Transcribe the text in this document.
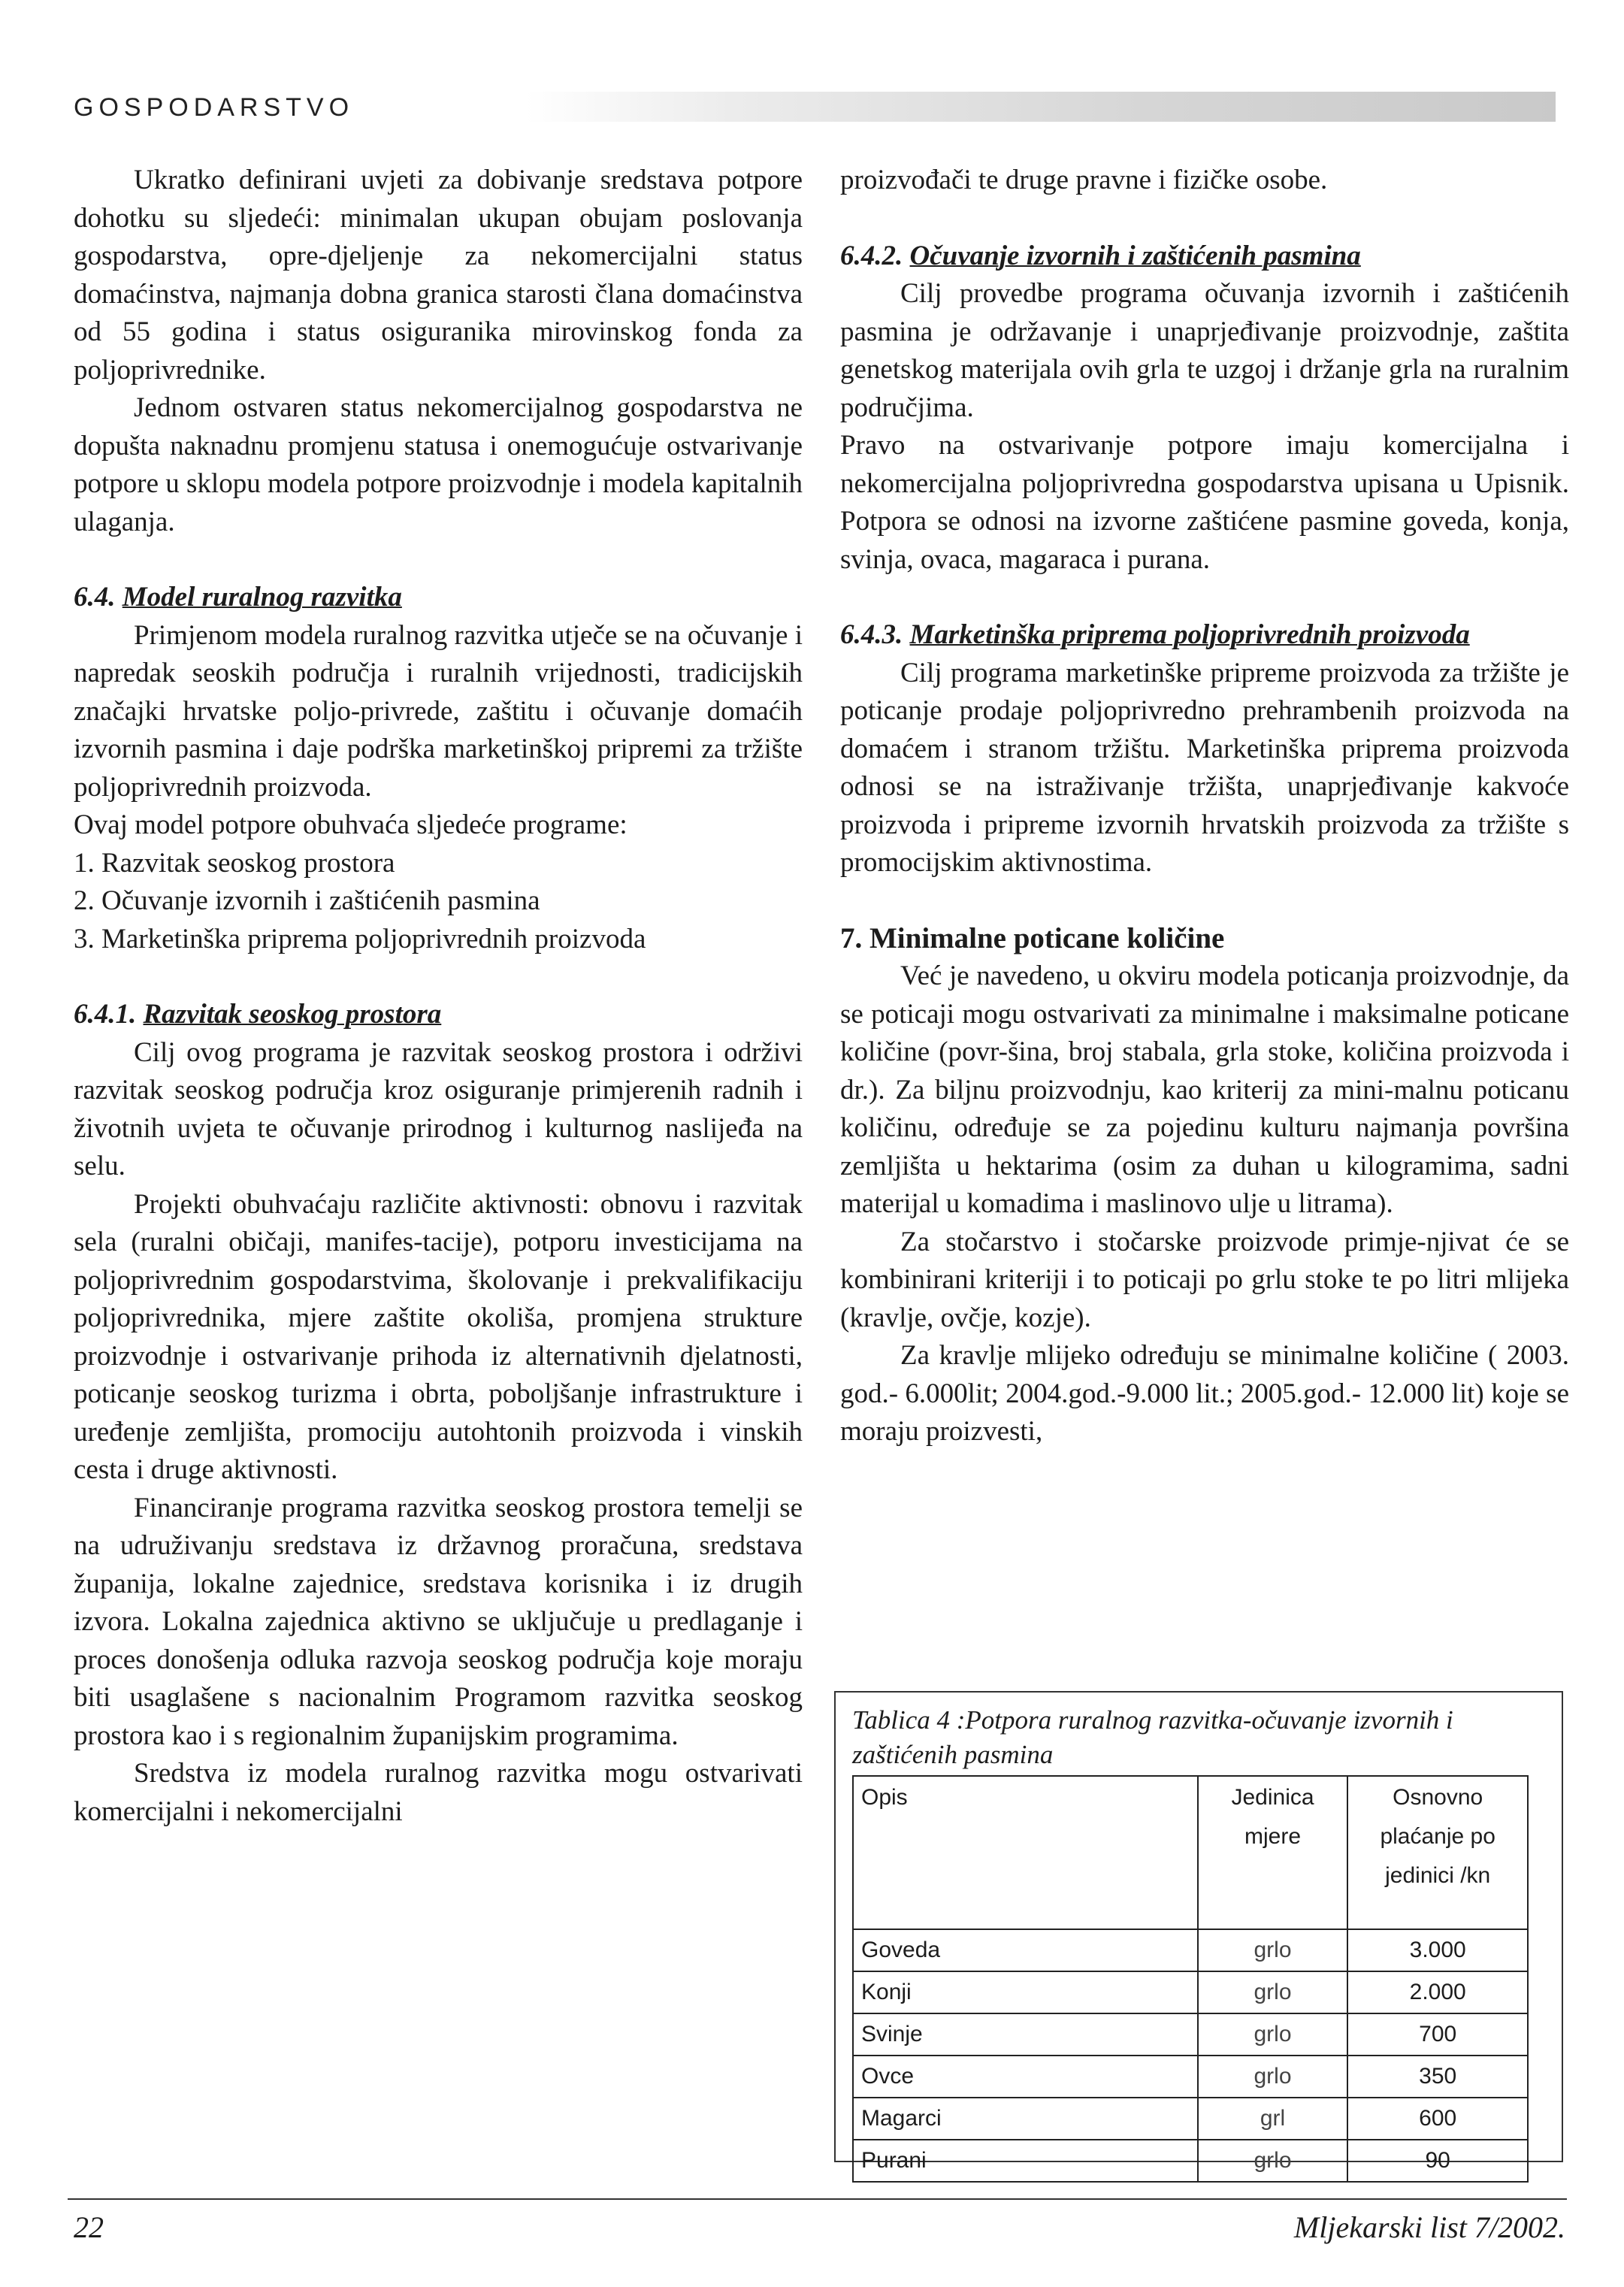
GOSPODARSTVO

Ukratko definirani uvjeti za dobivanje sredstava potpore dohotku su sljedeći: minimalan ukupan obujam poslovanja gospodarstva, opre-djeljenje za nekomercijalni status domaćinstva, najmanja dobna granica starosti člana domaćinstva od 55 godina i status osiguranika mirovinskog fonda za poljoprivrednike.

Jednom ostvaren status nekomercijalnog gospodarstva ne dopušta naknadnu promjenu statusa i onemogućuje ostvarivanje potpore u sklopu modela potpore proizvodnje i modela kapitalnih ulaganja.

6.4. Model ruralnog razvitka

Primjenom modela ruralnog razvitka utječe se na očuvanje i napredak seoskih područja i ruralnih vrijednosti, tradicijskih značajki hrvatske poljo-privrede, zaštitu i očuvanje domaćih izvornih pasmina i daje podrška marketinškoj pripremi za tržište poljoprivrednih proizvoda.

Ovaj model potpore obuhvaća sljedeće programe:

1. Razvitak seoskog prostora

2. Očuvanje izvornih i zaštićenih pasmina

3. Marketinška priprema poljoprivrednih proizvoda

6.4.1. Razvitak seoskog prostora

Cilj ovog programa je razvitak seoskog prostora i održivi razvitak seoskog područja kroz osiguranje primjerenih radnih i životnih uvjeta te očuvanje prirodnog i kulturnog naslijeđa na selu.

Projekti obuhvaćaju različite aktivnosti: obnovu i razvitak sela (ruralni običaji, manifes-tacije), potporu investicijama na poljoprivrednim gospodarstvima, školovanje i prekvalifikaciju poljoprivrednika, mjere zaštite okoliša, promjena strukture proizvodnje i ostvarivanje prihoda iz alternativnih djelatnosti, poticanje seoskog turizma i obrta, poboljšanje infrastrukture i uređenje zemljišta, promociju autohtonih proizvoda i vinskih cesta i druge aktivnosti.

Financiranje programa razvitka seoskog prostora temelji se na udruživanju sredstava iz državnog proračuna, sredstava županija, lokalne zajednice, sredstava korisnika i iz drugih izvora. Lokalna zajednica aktivno se uključuje u predlaganje i proces donošenja odluka razvoja seoskog područja koje moraju biti usaglašene s nacionalnim Programom razvitka seoskog prostora kao i s regionalnim županijskim programima.

Sredstva iz modela ruralnog razvitka mogu ostvarivati komercijalni i nekomercijalni

proizvođači te druge pravne i fizičke osobe.

6.4.2. Očuvanje izvornih i zaštićenih pasmina

Cilj provedbe programa očuvanja izvornih i zaštićenih pasmina je održavanje i unaprjeđivanje proizvodnje, zaštita genetskog materijala ovih grla te uzgoj i držanje grla na ruralnim područjima.

Pravo na ostvarivanje potpore imaju komercijalna i nekomercijalna poljoprivredna gospodarstva upisana u Upisnik. Potpora se odnosi na izvorne zaštićene pasmine goveda, konja, svinja, ovaca, magaraca i purana.

6.4.3. Marketinška priprema poljoprivrednih proizvoda

Cilj programa marketinške pripreme proizvoda za tržište je poticanje prodaje poljoprivredno prehrambenih proizvoda na domaćem i stranom tržištu. Marketinška priprema proizvoda odnosi se na istraživanje tržišta, unaprjeđivanje kakvoće proizvoda i pripreme izvornih hrvatskih proizvoda za tržište s promocijskim aktivnostima.

7. Minimalne poticane količine

Već je navedeno, u okviru modela poticanja proizvodnje, da se poticaji mogu ostvarivati za minimalne i maksimalne poticane količine (povr-šina, broj stabala, grla stoke, količina proizvoda i dr.). Za biljnu proizvodnju, kao kriterij za mini-malnu poticanu količinu, određuje se za pojedinu kulturu najmanja površina zemljišta u hektarima (osim za duhan u kilogramima, sadni materijal u komadima i maslinovo ulje u litrama).

Za stočarstvo i stočarske proizvode primje-njivat će se kombinirani kriteriji i to poticaji po grlu stoke te po litri mlijeka (kravlje, ovčje, kozje).

Za kravlje mlijeko određuju se minimalne količine ( 2003. god.- 6.000lit; 2004.god.-9.000 lit.; 2005.god.- 12.000 lit) koje se moraju proizvesti,

Tablica 4 :Potpora ruralnog razvitka-očuvanje izvornih i zaštićenih pasmina
Opis	Jedinica mjere	Osnovno plaćanje po jedinici /kn
Goveda	grlo	3.000
Konji	grlo	2.000
Svinje	grlo	700
Ovce	grlo	350
Magarci	grl	600
Purani	grlo	90
22	Mljekarski list 7/2002.
